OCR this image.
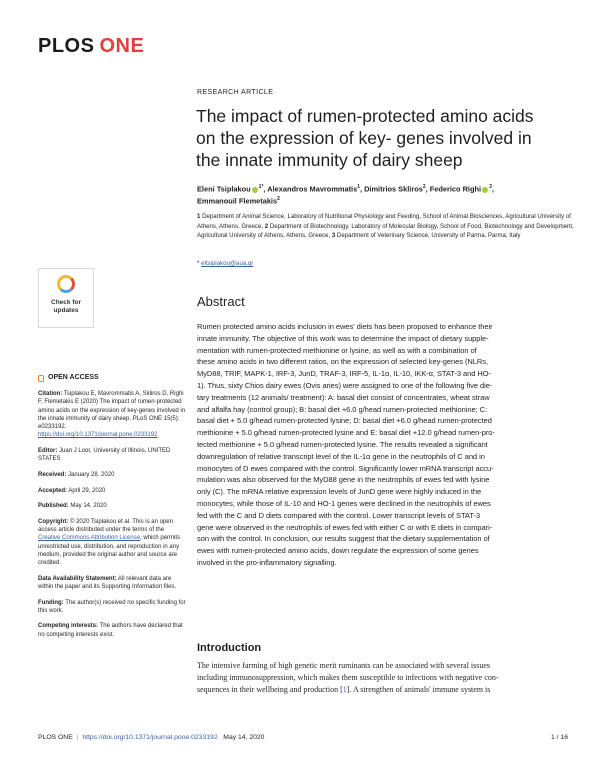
PLOS ONE
RESEARCH ARTICLE
The impact of rumen-protected amino acids
on the expression of key- genes involved in
the innate immunity of dairy sheep
Eleni Tsiplakou $^{1*}$, Alexandros Mavrommatis$^1$, Dimitrios Skliros$^2$, Federico Righi $^3$,
Emmanouil Flemetakis$^2$
1 Department of Animal Science, Laboratory of Nutritional Physiology and Feeding, School of Animal Biosciences, Agricultural University of Athens, Athens, Greece, 2 Department of Biotechnology, Laboratory of Molecular Biology, School of Food, Biotechnology and Development, Agricultural University of Athens, Athens, Greece, 3 Department of Veterinary Science, University of Parma, Parma, Italy
* eltsiplakou@aua.gr
Check for
updates
Abstract
Rumen protected amino acids inclusion in ewes' diets has been proposed to enhance their
innate immunity. The objective of this work was to determine the impact of dietary supple-
mentation with rumen-protected methionine or lysine, as well as with a combination of
these amino acids in two different ratios, on the expression of selected key-genes (NLRs,
MyD88, TRIF, MAPK-1, IRF-3, JunD, TRAF-3, IRF-5, IL-1α, IL-10, IKK-α, STAT-3 and HO-
1). Thus, sixty Chios dairy ewes (Ovis aries) were assigned to one of the following five die-
tary treatments (12 animals/ treatment): A: basal diet consist of concentrates, wheat straw
and alfalfa hay (control group); B: basal diet +6.0 g/head rumen-protected methionine; C:
basal diet + 5.0 g/head rumen-protected lysine; D: basal diet +6.0 g/head rumen-protected
methionine + 5.0 g/head rumen-protected lysine and E: basal diet +12.0 g/head rumen-pro-
tected methionine + 5.0 g/head rumen-protected lysine. The results revealed a significant
downregulation of relative transcript level of the IL-1α gene in the neutrophils of C and in
monocytes of D ewes compared with the control. Significantly lower mRNA transcript accu-
mulation was also observed for the MyD88 gene in the neutrophils of ewes fed with lysine
only (C). The mRNA relative expression levels of JunD gene were highly induced in the
monocytes, while those of IL-10 and HO-1 genes were declined in the neutrophils of ewes
fed with the C and D diets compared with the control. Lower transcript levels of STAT-3
gene were observed in the neutrophils of ewes fed with either C or with E diets in compari-
son with the control. In conclusion, our results suggest that the dietary supplementation of
ewes with rumen-protected amino acids, down regulate the expression of some genes
involved in the pro-inflammatory signalling.
OPEN ACCESS

Citation: Tsiplakou E, Mavrommatis A, Skliros D, Righi F, Flemetakis E (2020) The impact of rumen-protected amino acids on the expression of key-genes involved in the innate immunity of dairy sheep. PLoS ONE 15(5): e0233192. https://doi.org/10.1371/journal.pone.0233192

Editor: Juan J Loor, University of Illinois, UNITED STATES

Received: January 28, 2020

Accepted: April 29, 2020

Published: May 14, 2020

Copyright: © 2020 Tsiplakou et al. This is an open access article distributed under the terms of the Creative Commons Attribution License, which permits unrestricted use, distribution, and reproduction in any medium, provided the original author and source are credited.

Data Availability Statement: All relevant data are within the paper and its Supporting Information files.

Funding: The author(s) received no specific funding for this work.

Competing interests: The authors have declared that no competing interests exist.

Introduction
The intensive farming of high genetic merit ruminants can be associated with several issues
including immunosuppression, which makes them susceptible to infections with negative con-
sequences in their wellbeing and production [1]. A strengthen of animals' immune system is
PLOS ONE | https://doi.org/10.1371/journal.pone.0233192 May 14, 2020	1 / 16
